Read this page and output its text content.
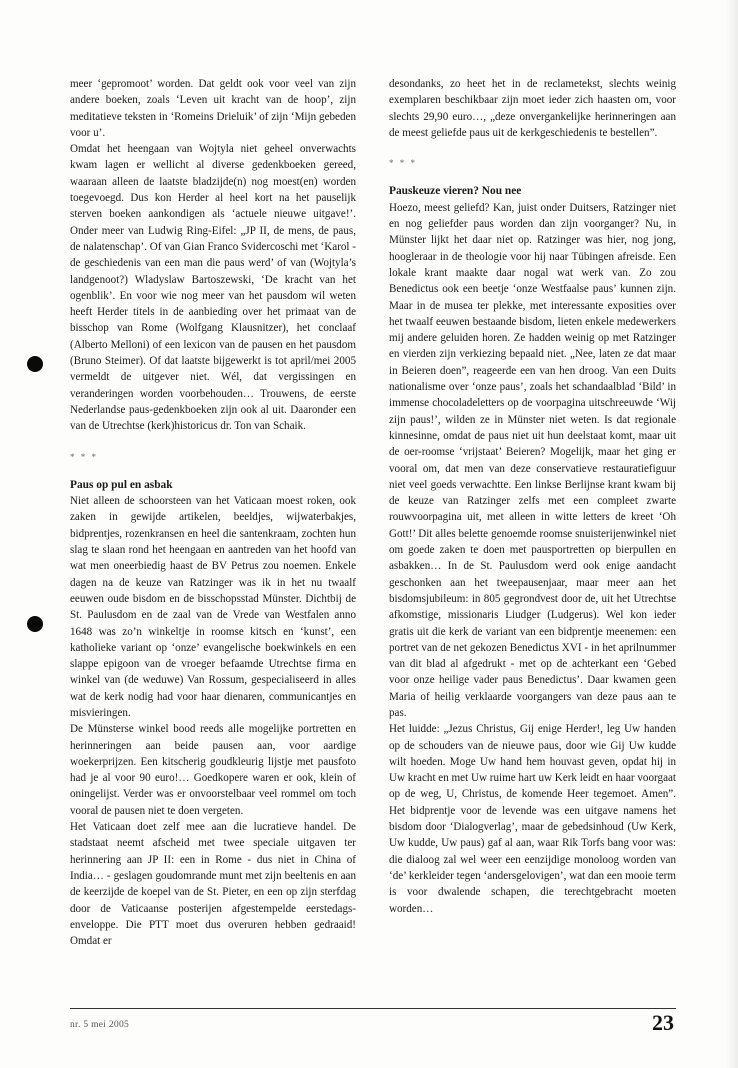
meer ‘gepromoot’ worden. Dat geldt ook voor veel van zijn andere boeken, zoals ‘Leven uit kracht van de hoop’, zijn meditatieve teksten in ‘Romeins Drieluik’ of zijn ‘Mijn gebeden voor u’.

Omdat het heengaan van Wojtyla niet geheel onverwachts kwam lagen er wellicht al diverse gedenkboeken gereed, waaraan alleen de laatste bladzijde(n) nog moest(en) worden toegevoegd. Dus kon Herder al heel kort na het pauselijk sterven boeken aankondigen als ‘actuele nieuwe uitgave!’. Onder meer van Ludwig Ring-Eifel: „JP II, de mens, de paus, de nalatenschap’. Of van Gian Franco Svidercoschi met ‘Karol - de geschiedenis van een man die paus werd’ of van (Wojtyla’s landgenoot?) Wladyslaw Bartoszewski, ‘De kracht van het ogenblik’. En voor wie nog meer van het pausdom wil weten heeft Herder titels in de aanbieding over het primaat van de bisschop van Rome (Wolfgang Klausnitzer), het conclaaf (Alberto Melloni) of een lexicon van de pausen en het pausdom (Bruno Steimer). Of dat laatste bijgewerkt is tot april/mei 2005 vermeldt de uitgever niet. Wél, dat vergissingen en veranderingen worden voorbehouden… Trouwens, de eerste Nederlandse paus-gedenkboeken zijn ook al uit. Daaronder een van de Utrechtse (kerk)historicus dr. Ton van Schaik.

* * *
Paus op pul en asbak

Niet alleen de schoorsteen van het Vaticaan moest roken, ook zaken in gewijde artikelen, beeldjes, wijwaterbakjes, bidprentjes, rozenkransen en heel die santenkraam, zochten hun slag te slaan rond het heengaan en aantreden van het hoofd van wat men oneerbiedig haast de BV Petrus zou noemen. Enkele dagen na de keuze van Ratzinger was ik in het nu twaalf eeuwen oude bisdom en de bisschopsstad Münster. Dichtbij de St. Paulusdom en de zaal van de Vrede van Westfalen anno 1648 was zo’n winkeltje in roomse kitsch en ‘kunst’, een katholieke variant op ‘onze’ evangelische boekwinkels en een slappe epigoon van de vroeger befaamde Utrechtse firma en winkel van (de weduwe) Van Rossum, gespecialiseerd in alles wat de kerk nodig had voor haar dienaren, communicantjes en misvieringen.

De Münsterse winkel bood reeds alle mogelijke portretten en herinneringen aan beide pausen aan, voor aardige woekerprijzen. Een kitscherig goudkleurig lijstje met pausfoto had je al voor 90 euro!… Goedkopere waren er ook, klein of oningelijst. Verder was er onvoorstelbaar veel rommel om toch vooral de pausen niet te doen vergeten.

Het Vaticaan doet zelf mee aan die lucratieve handel. De stadstaat neemt afscheid met twee speciale uitgaven ter herinnering aan JP II: een in Rome - dus niet in China of India… - geslagen goudomrande munt met zijn beeltenis en aan de keerzijde de koepel van de St. Pieter, en een op zijn sterfdag door de Vaticaanse posterijen afgestempelde eerstedags-enveloppe. Die PTT moet dus overuren hebben gedraaid! Omdat er

desondanks, zo heet het in de reclametekst, slechts weinig exemplaren beschikbaar zijn moet ieder zich haasten om, voor slechts 29,90 euro…, „deze onvergankelijke herinneringen aan de meest geliefde paus uit de kerkgeschiedenis te bestellen”.

* * *
Pauskeuze vieren? Nou nee

Hoezo, meest geliefd? Kan, juist onder Duitsers, Ratzinger niet en nog geliefder paus worden dan zijn voorganger? Nu, in Münster lijkt het daar niet op. Ratzinger was hier, nog jong, hoogleraar in de theologie voor hij naar Tübingen afreisde. Een lokale krant maakte daar nogal wat werk van. Zo zou Benedictus ook een beetje ‘onze Westfaalse paus’ kunnen zijn. Maar in de musea ter plekke, met interessante exposities over het twaalf eeuwen bestaande bisdom, lieten enkele medewerkers mij andere geluiden horen. Ze hadden weinig op met Ratzinger en vierden zijn verkiezing bepaald niet. „Nee, laten ze dat maar in Beieren doen”, reageerde een van hen droog. Van een Duits nationalisme over ‘onze paus’, zoals het schandaalblad ‘Bild’ in immense chocoladeletters op de voorpagina uitschreeuwde ‘Wij zijn paus!’, wilden ze in Münster niet weten. Is dat regionale kinnesinne, omdat de paus niet uit hun deelstaat komt, maar uit de oer-roomse ‘vrijstaat’ Beieren? Mogelijk, maar het ging er vooral om, dat men van deze conservatieve restauratiefiguur niet veel goeds verwachtte. Een linkse Berlijnse krant kwam bij de keuze van Ratzinger zelfs met een compleet zwarte rouwvoorpagina uit, met alleen in witte letters de kreet ‘Oh Gott!’ Dit alles belette genoemde roomse snuisterijenwinkel niet om goede zaken te doen met pausportretten op bierpullen en asbakken… In de St. Paulusdom werd ook enige aandacht geschonken aan het tweepausenjaar, maar meer aan het bisdomsjubileum: in 805 gegrondvest door de, uit het Utrechtse afkomstige, missionaris Liudger (Ludgerus). Wel kon ieder gratis uit die kerk de variant van een bidprentje meenemen: een portret van de net gekozen Benedictus XVI - in het aprilnummer van dit blad al afgedrukt - met op de achterkant een ‘Gebed voor onze heilige vader paus Benedictus’. Daar kwamen geen Maria of heilig verklaarde voorgangers van deze paus aan te pas.

Het luidde: „Jezus Christus, Gij enige Herder!, leg Uw handen op de schouders van de nieuwe paus, door wie Gij Uw kudde wilt hoeden. Moge Uw hand hem houvast geven, opdat hij in Uw kracht en met Uw ruime hart uw Kerk leidt en haar voorgaat op de weg, U, Christus, de komende Heer tegemoet. Amen”. Het bidprentje voor de levende was een uitgave namens het bisdom door ‘Dialogverlag’, maar de gebedsinhoud (Uw Kerk, Uw kudde, Uw paus) gaf al aan, waar Rik Torfs bang voor was: die dialoog zal wel weer een eenzijdige monoloog worden van ‘de’ kerkleider tegen ‘andersgelovigen’, wat dan een mooie term is voor dwalende schapen, die terechtgebracht moeten worden…

nr. 5 mei 2005	23
